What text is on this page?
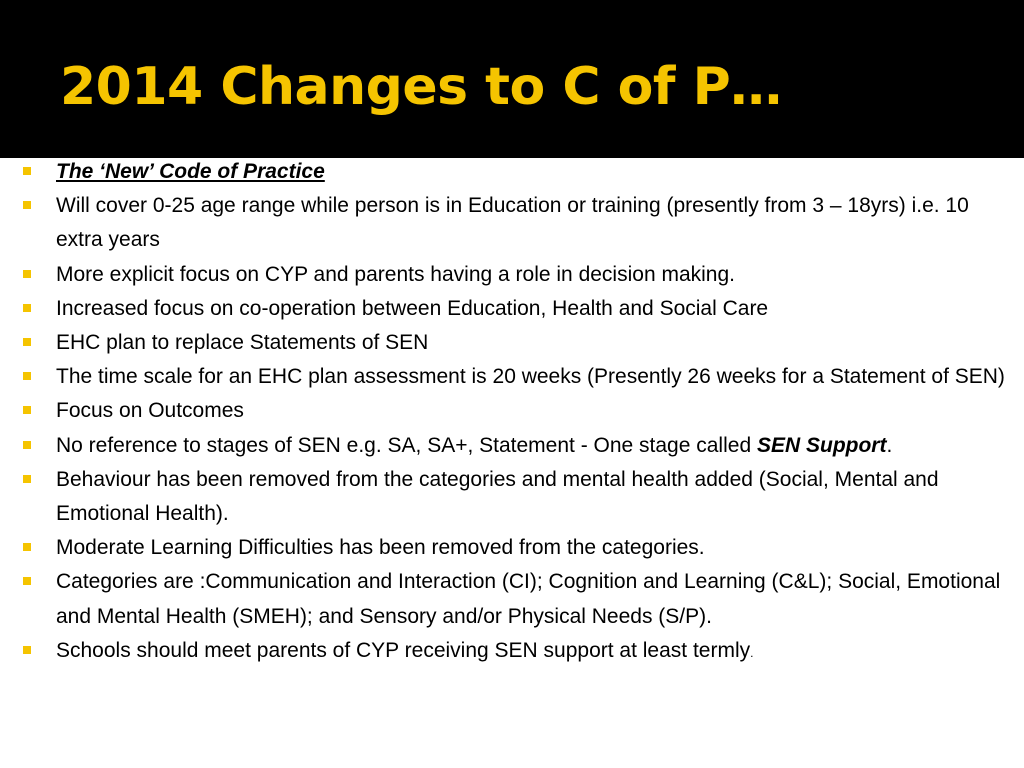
2014 Changes to C of P…
The ‘New’ Code of Practice
Will cover 0-25 age range while person is in Education or training (presently from 3 – 18yrs) i.e. 10 extra years
More explicit focus on CYP and parents having a role in decision making.
Increased focus on co-operation between Education, Health and Social Care
EHC plan to replace Statements of SEN
The time scale for an EHC plan assessment is 20 weeks (Presently 26 weeks for a Statement of SEN)
Focus on Outcomes
No reference to stages of SEN e.g. SA, SA+, Statement - One stage called SEN Support.
Behaviour has been removed from the categories and mental health added (Social, Mental and Emotional Health).
Moderate Learning Difficulties has been removed from the categories.
Categories are :Communication and Interaction (CI); Cognition and Learning (C&L); Social, Emotional and Mental Health (SMEH); and Sensory and/or Physical Needs (S/P).
Schools should meet parents of CYP receiving SEN support at least termly.
